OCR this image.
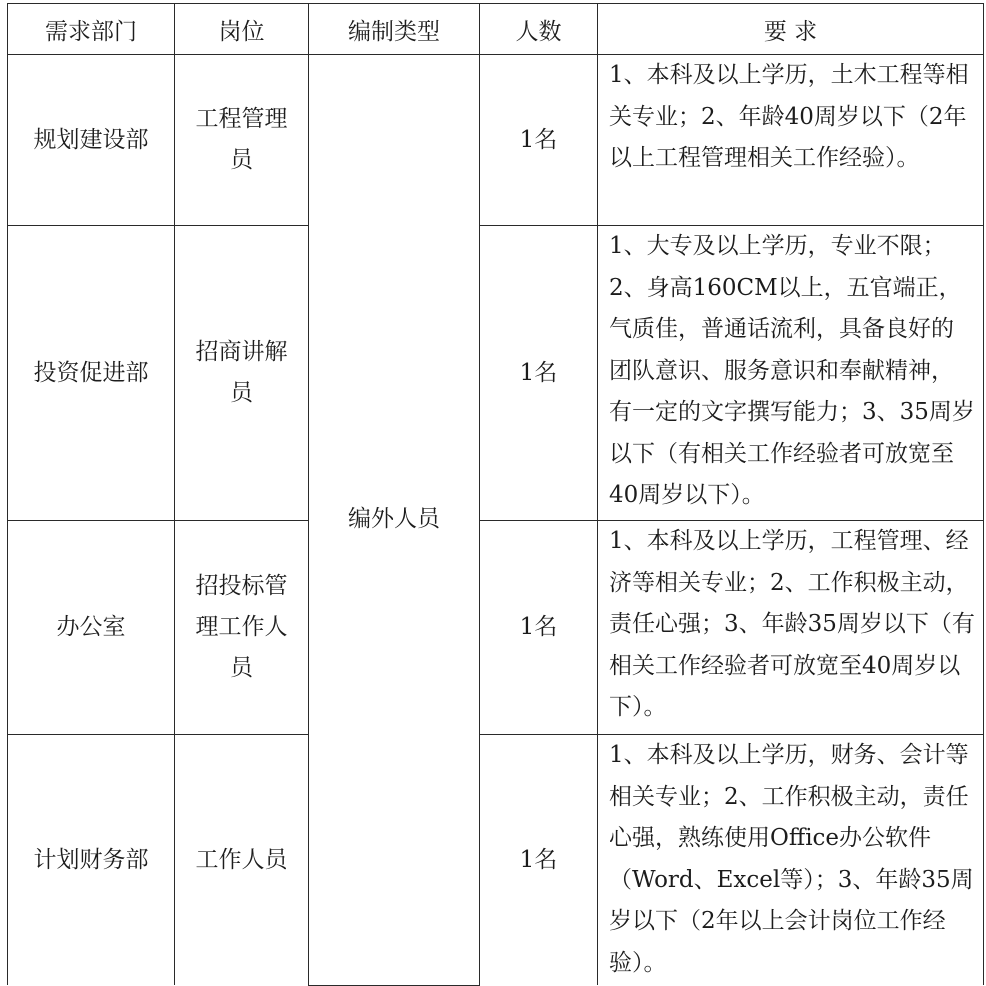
需求部门	岗位	编制类型	人数	要 求
规划建设部	工程管理员	编外人员	1名	1、本科及以上学历，土木工程等相关专业；2、年龄40周岁以下（2年以上工程管理相关工作经验）。
投资促进部	招商讲解员		1名	1、大专及以上学历，专业不限；2、身高160CM以上，五官端正，气质佳，普通话流利，具备良好的团队意识、服务意识和奉献精神，有一定的文字撰写能力；3、35周岁以下（有相关工作经验者可放宽至40周岁以下）。
办公室	招投标管理工作人员		1名	1、本科及以上学历，工程管理、经济等相关专业；2、工作积极主动，责任心强；3、年龄35周岁以下（有相关工作经验者可放宽至40周岁以下）。
计划财务部	工作人员		1名	1、本科及以上学历，财务、会计等相关专业；2、工作积极主动，责任心强，熟练使用Office办公软件（Word、Excel等）；3、年龄35周岁以下（2年以上会计岗位工作经验）。
